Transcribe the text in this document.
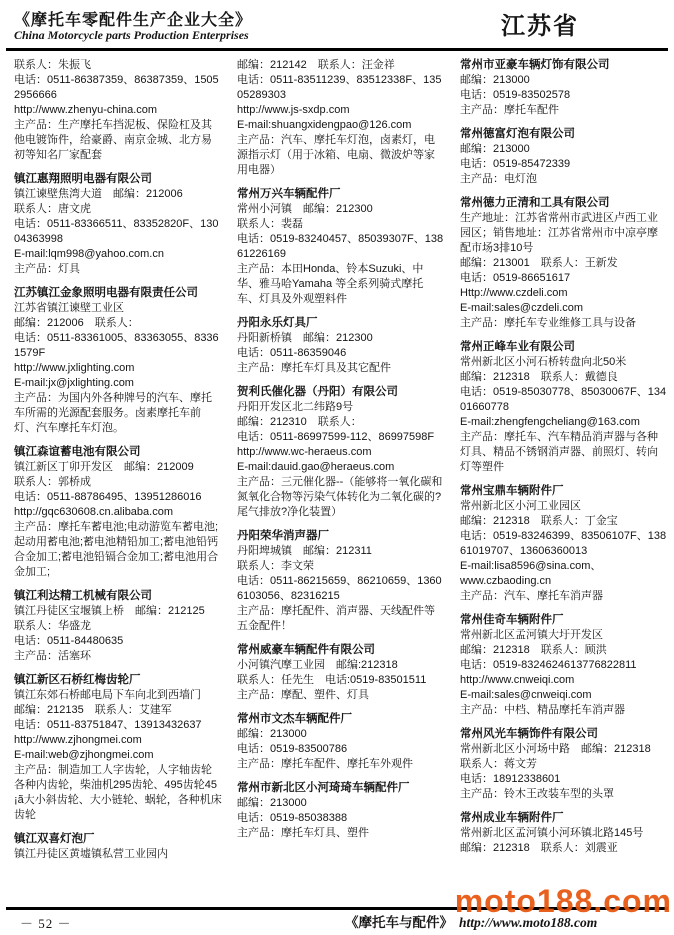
《摩托车零配件生产企业大全》
China Motorcycle parts Production Enterprises	江苏省
联系人：朱振飞
电话：0511-86387359、86387359、15052956666
http://www.zhenyu-china.com
主产品：生产摩托车挡泥板、保险杠及其他电镀饰件，给豪爵、南京金城、北方易初等知名厂家配套
镇江惠翔照明电器有限公司
镇江谏壁焦湾大道　邮编：212006
联系人：唐文虎
电话：0511-83366511、83352820F、13004363998
E-mail:lqm998@yahoo.com.cn
主产品：灯具
江苏镇江金象照明电器有限责任公司
江苏省镇江谏壁工业区
邮编：212006　联系人：
电话：0511-83361005、83363055、83361579F
http://www.jxlighting.com
E-mail:jx@jxlighting.com
主产品：为国内外各种牌号的汽车、摩托车所需的光源配套服务。卤素摩托车前灯、汽车摩托车灯泡。
镇江森谊蓄电池有限公司
镇江新区丁卯开发区　邮编：212009
联系人：郭桥成
电话：0511-88786495、13951286016
http://gqc630608.cn.alibaba.com
主产品：摩托车蓄电池;电动游览车蓄电池;起动用蓄电池;蓄电池精铅加工;蓄电池铅钙合金加工;蓄电池铅镉合金加工;蓄电池用合金加工;
镇江利达精工机械有限公司
镇江丹徒区宝堰镇上桥　邮编：212125
联系人：华盛龙
电话：0511-84480635
主产品：活塞环
镇江新区石桥红梅齿轮厂
镇江东郊石桥邮电局下车向北到西墙门
邮编：212135　联系人：艾建军
电话：0511-83751847、13913432637
http://www.zjhongmei.com
E-mail:web@zjhongmei.com
主产品：制造加工人字齿轮，人字轴齿轮各种内齿轮，柴油机295齿轮、495齿轮45¡ã大小斜齿轮、大小链轮、蜗轮，各种机床齿轮
镇江双喜灯泡厂
镇江丹徒区黄墟镇私营工业园内
邮编：212142　联系人：汪金祥
电话：0511-83511239、83512338F、13505289303
http://www.js-sxdp.com
E-mail:shuangxidengpao@126.com
主产品：汽车、摩托车灯泡，卤素灯，电源指示灯（用于冰箱、电扇、微波炉等家用电器）
常州万兴车辆配件厂
常州小河镇　邮编：212300
联系人：裴磊
电话：0519-83240457、85039307F、13861226169
主产品：本田Honda、铃本Suzuki、中华、雅马哈Yamaha 等全系列骑式摩托车、灯具及外观塑料件
丹阳永乐灯具厂
丹阳新桥镇　邮编：212300
电话：0511-86359046
主产品：摩托车灯具及其它配件
贺利氏催化器（丹阳）有限公司
丹阳开发区北二纬路9号
邮编：212310　联系人：
电话：0511-86997599-112、86997598F
http://www.wc-heraeus.com
E-mail:dauid.gao@heraeus.com
主产品：三元催化器--（能够将一氧化碳和氮氧化合物等污染气体转化为二氧化碳的?尾气排放?净化装置）
丹阳荣华消声器厂
丹阳埤城镇　邮编：212311
联系人：李文荣
电话：0511-86215659、86210659、13606103056、82316215
主产品：摩托配件、消声器、天线配件等五金配件！
常州威豪车辆配件有限公司
小河镇汽摩工业园　邮编:212318
联系人：任先生　电话:0519-83501511
主产品：摩配、塑件、灯具
常州市文杰车辆配件厂
邮编：213000
电话：0519-83500786
主产品：摩托车配件、摩托车外观件
常州市新北区小河琦琦车辆配件厂
邮编：213000
电话：0519-85038388
主产品：摩托车灯具、塑件
常州市亚豪车辆灯饰有限公司
邮编：213000
电话：0519-83502578
主产品：摩托车配件
常州德富灯泡有限公司
邮编：213000
电话：0519-85472339
主产品：电灯泡
常州德力正清和工具有限公司
生产地址：江苏省常州市武进区卢西工业园区；销售地址：江苏省常州市中凉亭摩配市场3排10号
邮编：213001　联系人：王新发
电话：0519-86651617
Http://www.czdeli.com
E-mail:sales@czdeli.com
主产品：摩托车专业维修工具与设备
常州正峰车业有限公司
常州新北区小河石桥转盘向北50米
邮编：212318　联系人：戴德良
电话：0519-85030778、85030067F、13401660778
E-mail:zhengfengcheliang@163.com
主产品：摩托车、汽车精品消声器与各种灯具、精品不锈钢消声器、前照灯、转向灯等塑件
常州宝鼎车辆附件厂
常州新北区小河工业园区
邮编：212318　联系人：丁金宝
电话：0519-83246399、83506107F、13861019707、13606360013
E-mail:lisa8596@sina.com、
www.czbaoding.cn
主产品：汽车、摩托车消声器
常州佳奇车辆附件厂
常州新北区孟河镇大圩开发区
邮编：212318　联系人：顾洪
电话：0519-8324624613776822811
http://www.cnweiqi.com
E-mail:sales@cnweiqi.com
主产品：中档、精品摩托车消声器
常州风光车辆饰件有限公司
常州新北区小河场中路　邮编：212318
联系人：蒋文芳
电话：18912338601
主产品：铃木王改装车型的头罩
常州成业车辆附件厂
常州新北区孟河镇小河环镇北路145号
邮编：212318　联系人：刘震亚
－ 52 －	《摩托车与配件》 http://www.moto188.com
moto188.com
